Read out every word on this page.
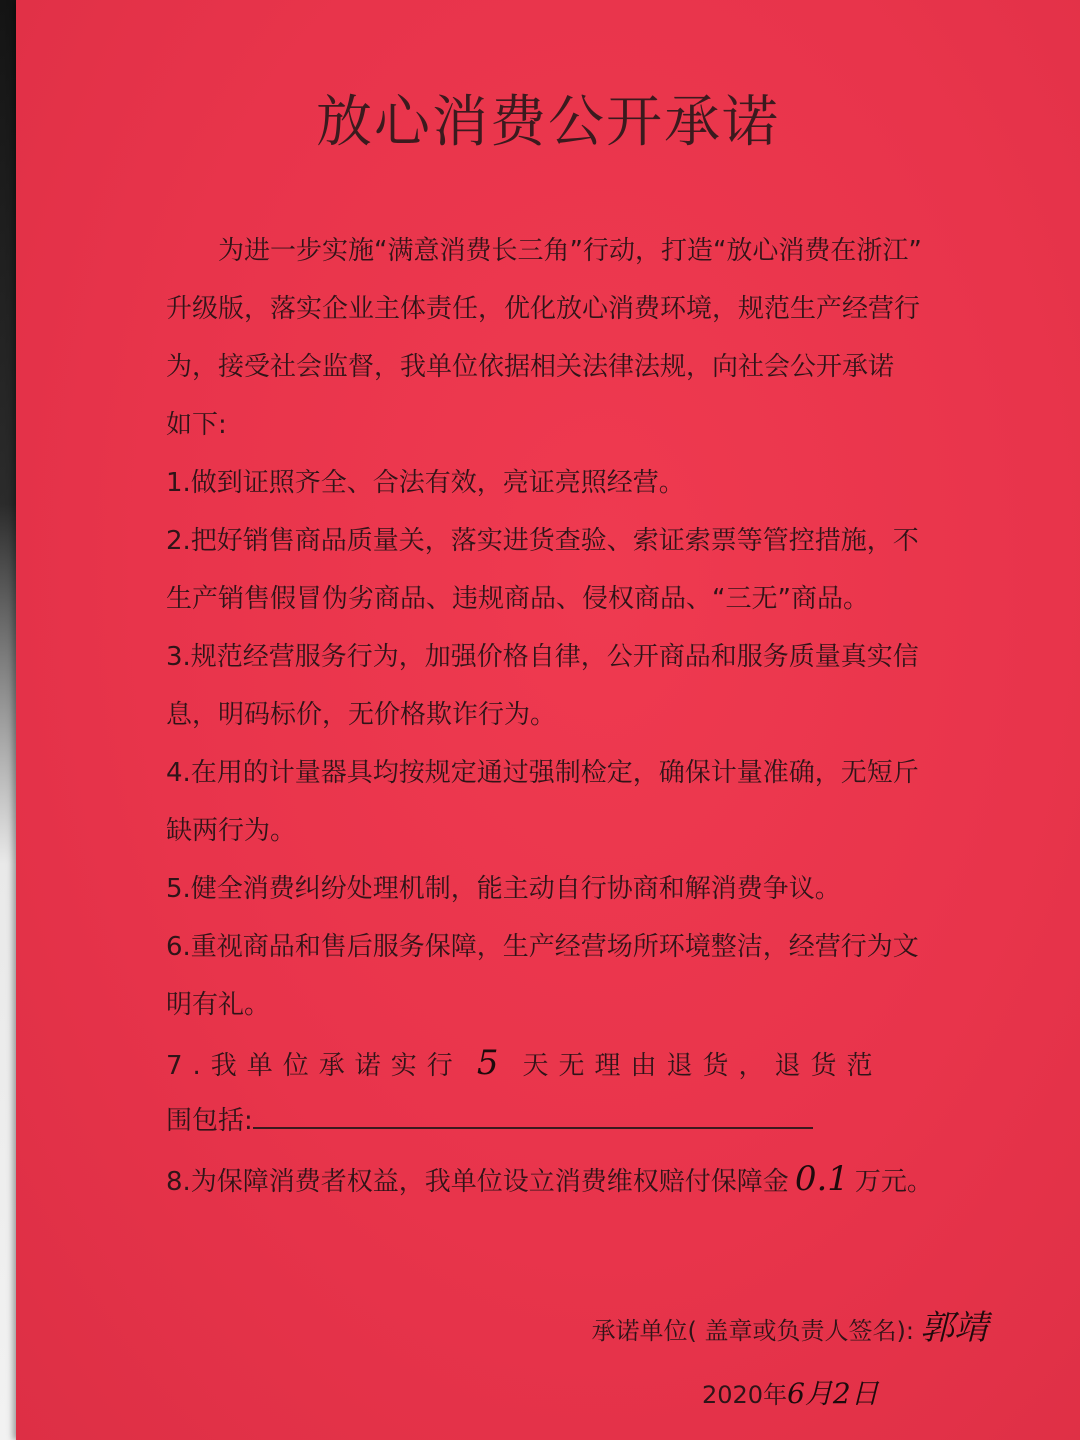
放心消费公开承诺
为进一步实施“满意消费长三角”行动，打造“放心消费在浙江”
升级版，落实企业主体责任，优化放心消费环境，规范生产经营行
为，接受社会监督，我单位依据相关法律法规，向社会公开承诺
如下:
1.做到证照齐全、合法有效，亮证亮照经营。
2.把好销售商品质量关，落实进货查验、索证索票等管控措施，不
生产销售假冒伪劣商品、违规商品、侵权商品、“三无”商品。
3.规范经营服务行为，加强价格自律，公开商品和服务质量真实信
息，明码标价，无价格欺诈行为。
4.在用的计量器具均按规定通过强制检定，确保计量准确，无短斤
缺两行为。
5.健全消费纠纷处理机制，能主动自行协商和解消费争议。
6.重视商品和售后服务保障，生产经营场所环境整洁，经营行为文
明有礼。
7.我单位承诺实行 5 天无理由退货，退货范
围包括:
8.为保障消费者权益，我单位设立消费维权赔付保障金 0.1 万元。
承诺单位( 盖章或负责人签名): 郭靖
2020年6月2日
